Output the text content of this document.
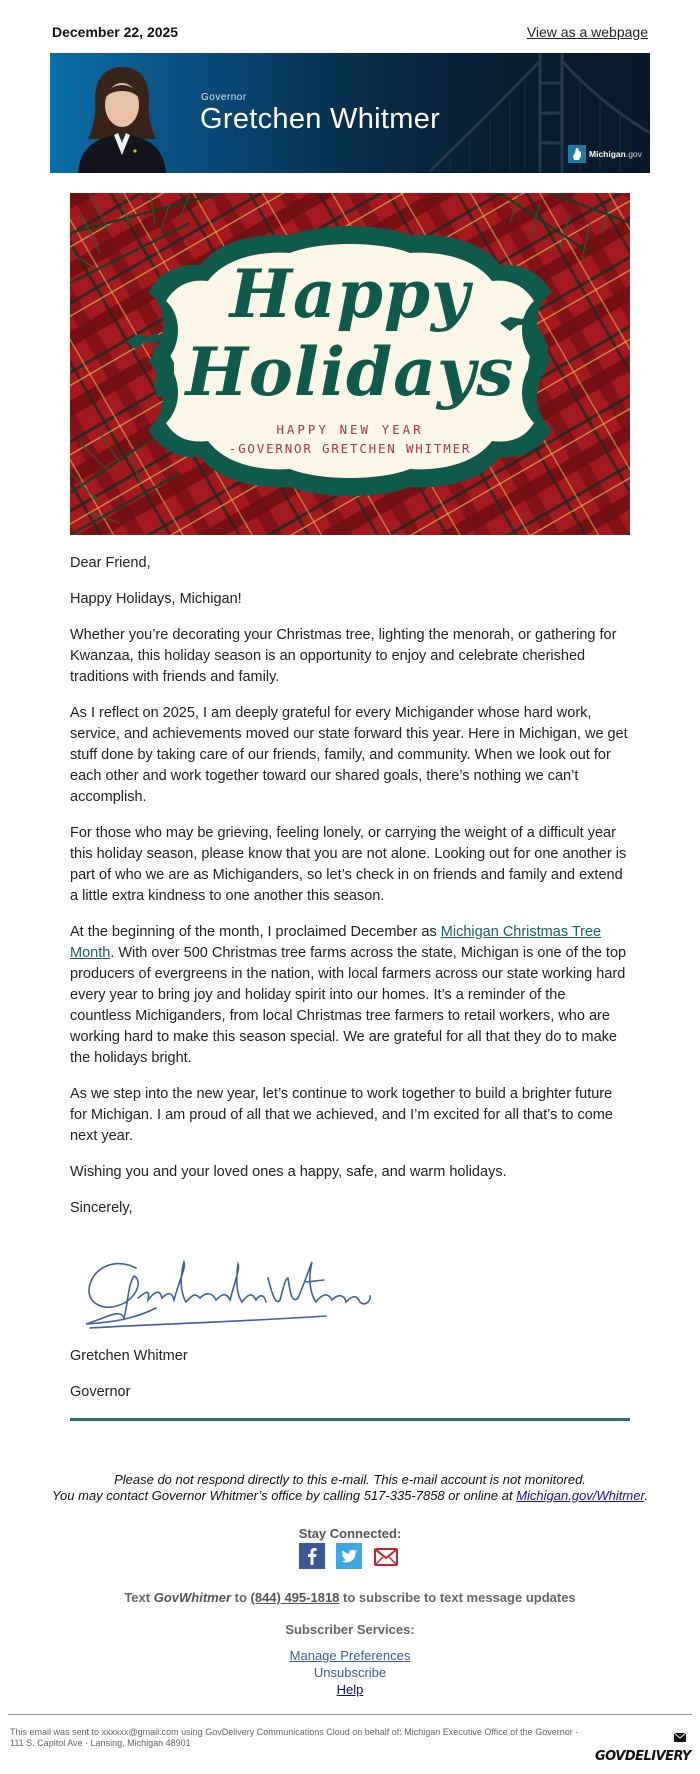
December 22, 2025	View as a webpage
Governor
Gretchen Whitmer
Michigan.gov
Happy
Holidays
HAPPY NEW YEAR
-GOVERNOR GRETCHEN WHITMER

Dear Friend,

Happy Holidays, Michigan!

Whether you’re decorating your Christmas tree, lighting the menorah, or gathering for Kwanzaa, this holiday season is an opportunity to enjoy and celebrate cherished traditions with friends and family.

As I reflect on 2025, I am deeply grateful for every Michigander whose hard work, service, and achievements moved our state forward this year. Here in Michigan, we get stuff done by taking care of our friends, family, and community. When we look out for each other and work together toward our shared goals, there’s nothing we can’t accomplish.

For those who may be grieving, feeling lonely, or carrying the weight of a difficult year this holiday season, please know that you are not alone. Looking out for one another is part of who we are as Michiganders, so let’s check in on friends and family and extend a little extra kindness to one another this season.

At the beginning of the month, I proclaimed December as Michigan Christmas Tree Month. With over 500 Christmas tree farms across the state, Michigan is one of the top producers of evergreens in the nation, with local farmers across our state working hard every year to bring joy and holiday spirit into our homes. It’s a reminder of the countless Michiganders, from local Christmas tree farmers to retail workers, who are working hard to make this season special. We are grateful for all that they do to make the holidays bright.

As we step into the new year, let’s continue to work together to build a brighter future for Michigan. I am proud of all that we achieved, and I’m excited for all that’s to come next year.

Wishing you and your loved ones a happy, safe, and warm holidays.

Sincerely,

Gretchen Whitmer
Governor
Please do not respond directly to this e-mail. This e-mail account is not monitored.
You may contact Governor Whitmer’s office by calling 517-335-7858 or online at Michigan.gov/Whitmer.
Stay Connected:
Text GovWhitmer to (844) 495-1818 to subscribe to text message updates
Subscriber Services:
Manage Preferences
Unsubscribe
Help
This email was sent to xxxxxx@gmail.com using GovDelivery Communications Cloud on behalf of: Michigan Executive Office of the Governor · 111 S. Capitol Ave · Lansing, Michigan 48901
GOVDELIVERY
